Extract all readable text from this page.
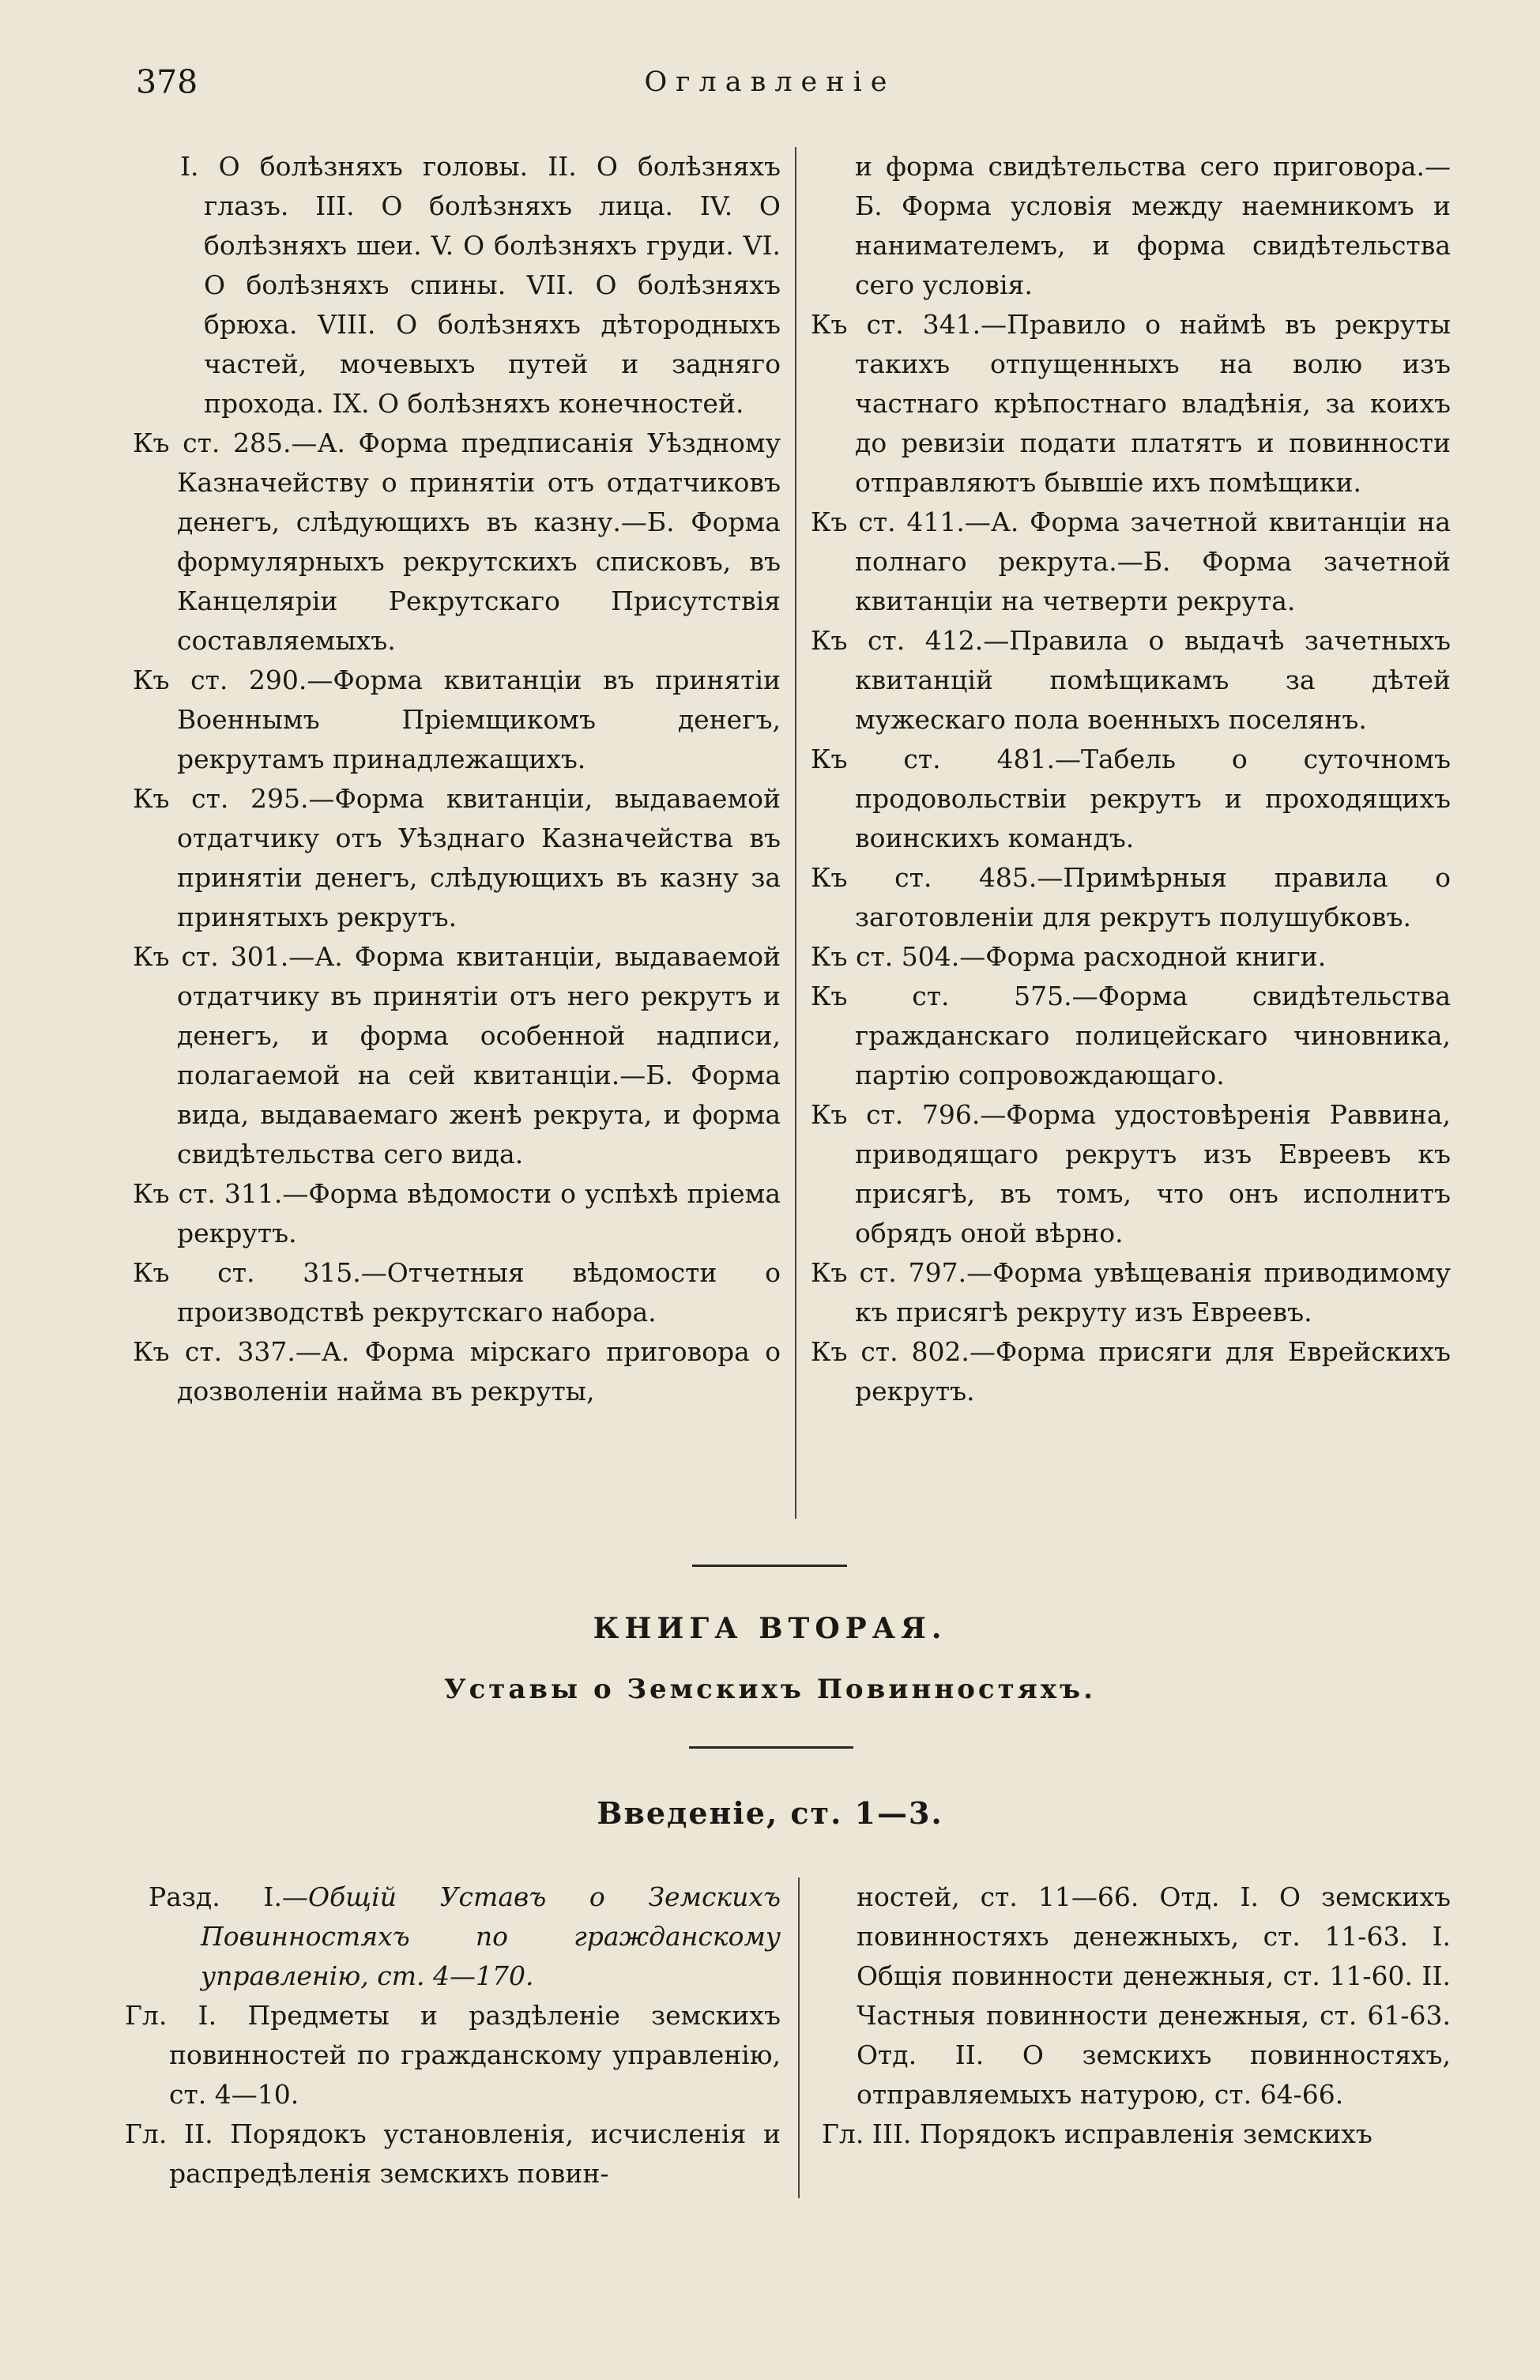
378	Оглавленіе
I. О болѣзняхъ головы. II. О болѣзняхъ глазъ. III. О болѣзняхъ лица. IV. О болѣзняхъ шеи. V. О болѣзняхъ груди. VI. О болѣзняхъ спины. VII. О болѣзняхъ брюха. VIII. О болѣзняхъ дѣтородныхъ частей, мочевыхъ путей и задняго прохода. IX. О болѣзняхъ конечностей.
Къ ст. 285.—А. Форма предписанія Уѣздному Казначейству о принятіи отъ отдатчиковъ денегъ, слѣдующихъ въ казну.—Б. Форма формулярныхъ рекрутскихъ списковъ, въ Канцеляріи Рекрутскаго Присутствія составляемыхъ.
Къ ст. 290.—Форма квитанціи въ принятіи Военнымъ Пріемщикомъ денегъ, рекрутамъ принадлежащихъ.
Къ ст. 295.—Форма квитанціи, выдаваемой отдатчику отъ Уѣзднаго Казначейства въ принятіи денегъ, слѣдующихъ въ казну за принятыхъ рекрутъ.
Къ ст. 301.—А. Форма квитанціи, выдаваемой отдатчику въ принятіи отъ него рекрутъ и денегъ, и форма особенной надписи, полагаемой на сей квитанціи.—Б. Форма вида, выдаваемаго женѣ рекрута, и форма свидѣтельства сего вида.
Къ ст. 311.—Форма вѣдомости о успѣхѣ пріема рекрутъ.
Къ ст. 315.—Отчетныя вѣдомости о производствѣ рекрутскаго набора.
Къ ст. 337.—А. Форма мірскаго приговора о дозволеніи найма въ рекруты,
и форма свидѣтельства сего приговора.—Б. Форма условія между наемникомъ и нанимателемъ, и форма свидѣтельства сего условія.
Къ ст. 341.—Правило о наймѣ въ рекруты такихъ отпущенныхъ на волю изъ частнаго крѣпостнаго владѣнія, за коихъ до ревизіи подати платятъ и повинности отправляютъ бывшіе ихъ помѣщики.
Къ ст. 411.—А. Форма зачетной квитанціи на полнаго рекрута.—Б. Форма зачетной квитанціи на четверти рекрута.
Къ ст. 412.—Правила о выдачѣ зачетныхъ квитанцій помѣщикамъ за дѣтей мужескаго пола военныхъ поселянъ.
Къ ст. 481.—Табель о суточномъ продовольствіи рекрутъ и проходящихъ воинскихъ командъ.
Къ ст. 485.—Примѣрныя правила о заготовленіи для рекрутъ полушубковъ.
Къ ст. 504.—Форма расходной книги.
Къ ст. 575.—Форма свидѣтельства гражданскаго полицейскаго чиновника, партію сопровождающаго.
Къ ст. 796.—Форма удостовѣренія Раввина, приводящаго рекрутъ изъ Евреевъ къ присягѣ, въ томъ, что онъ исполнитъ обрядъ оной вѣрно.
Къ ст. 797.—Форма увѣщеванія приводимому къ присягѣ рекруту изъ Евреевъ.
Къ ст. 802.—Форма присяги для Еврейскихъ рекрутъ.
КНИГА ВТОРАЯ.
Уставы о Земскихъ Повинностяхъ.
Введеніе, ст. 1—3.
Разд. I.—Общій Уставъ о Земскихъ Повинностяхъ по гражданскому управленію, ст. 4—170.
Гл. I. Предметы и раздѣленіе земскихъ повинностей по гражданскому управленію, ст. 4—10.
Гл. II. Порядокъ установленія, исчисленія и распредѣленія земскихъ повин-
ностей, ст. 11—66. Отд. I. О земскихъ повинностяхъ денежныхъ, ст. 11-63. I. Общія повинности денежныя, ст. 11-60. II. Частныя повинности денежныя, ст. 61-63. Отд. II. О земскихъ повинностяхъ, отправляемыхъ натурою, ст. 64-66.
Гл. III. Порядокъ исправленія земскихъ
